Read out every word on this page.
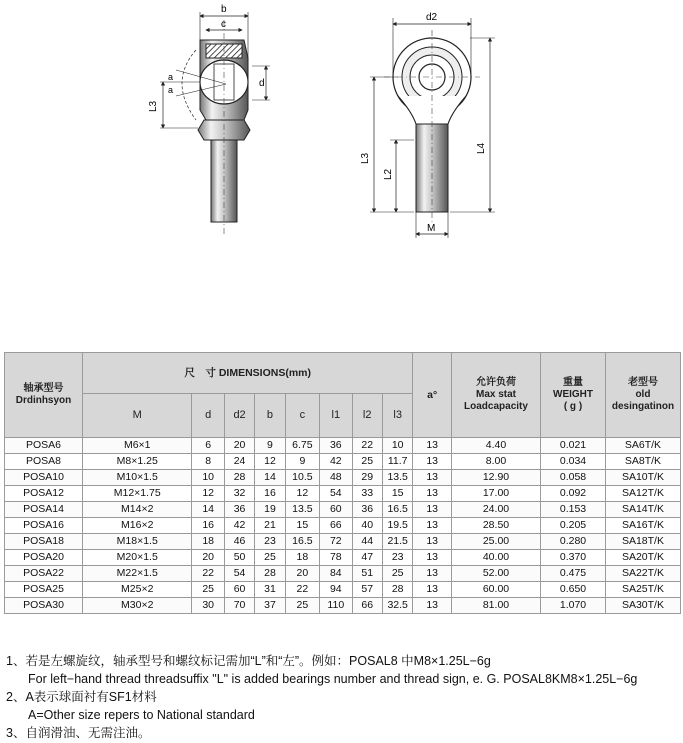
b
c
a
a
d
L3
d2
L4
L3
L2
M
轴承型号
Drdinhsyon	尺　寸 DIMENSIONS(mm)								a°	允许负荷
Max stat
Loadcapacity	重量
WEIGHT
( g )	老型号
old
desingatinon

	M	d	d2	b	c	l1	l2	l3				
POSA6	M6×1	6	20	9	6.75	36	22	10	13	4.40	0.021	SA6T/K
POSA8	M8×1.25	8	24	12	9	42	25	11.7	13	8.00	0.034	SA8T/K
POSA10	M10×1.5	10	28	14	10.5	48	29	13.5	13	12.90	0.058	SA10T/K
POSA12	M12×1.75	12	32	16	12	54	33	15	13	17.00	0.092	SA12T/K
POSA14	M14×2	14	36	19	13.5	60	36	16.5	13	24.00	0.153	SA14T/K
POSA16	M16×2	16	42	21	15	66	40	19.5	13	28.50	0.205	SA16T/K
POSA18	M18×1.5	18	46	23	16.5	72	44	21.5	13	25.00	0.280	SA18T/K
POSA20	M20×1.5	20	50	25	18	78	47	23	13	40.00	0.370	SA20T/K
POSA22	M22×1.5	22	54	28	20	84	51	25	13	52.00	0.475	SA22T/K
POSA25	M25×2	25	60	31	22	94	57	28	13	60.00	0.650	SA25T/K
POSA30	M30×2	30	70	37	25	110	66	32.5	13	81.00	1.070	SA30T/K
1、若是左螺旋纹，轴承型号和螺纹标记需加“L”和“左”。例如：POSAL8 中M8×1.25L−6g
For left−hand thread threadsuffix "L" is added bearings number and thread sign, e. G. POSAL8KM8×1.25L−6g
2、A表示球面衬有SF1材料
A=Other size repers to National standard
3、自润滑油、无需注油。
